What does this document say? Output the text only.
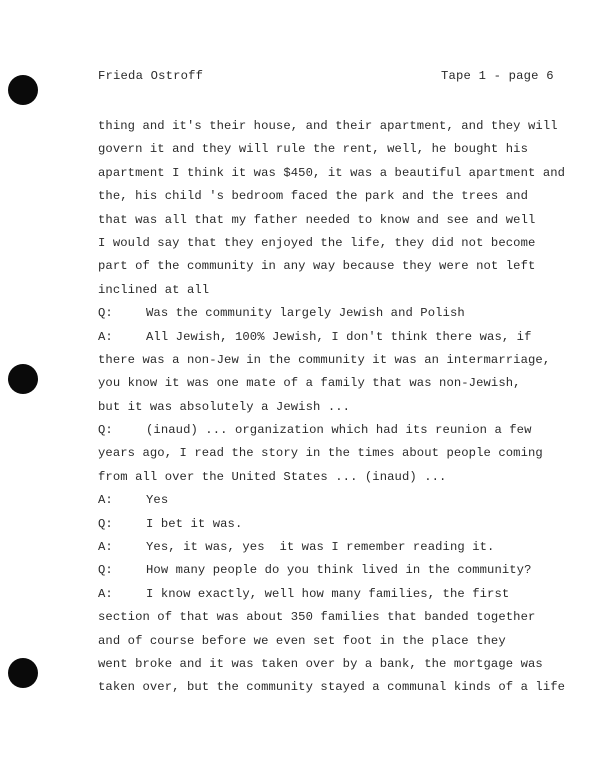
Frieda Ostroff	Tape 1 - page 6
thing and it's their house, and their apartment, and they will
govern it and they will rule the rent, well, he bought his
apartment I think it was $450, it was a beautiful apartment and
the, his child 's bedroom faced the park and the trees and
that was all that my father needed to know and see and well
I would say that they enjoyed the life, they did not become
part of the community in any way because they were not left
inclined at all
Q:	Was the community largely Jewish and Polish
A:	All Jewish, 100% Jewish, I don't think there was, if
there was a non-Jew in the community it was an intermarriage,
you know it was one mate of a family that was non-Jewish,
but it was absolutely a Jewish ...
Q:	(inaud) ... organization which had its reunion a few
years ago, I read the story in the times about people coming
from all over the United States ... (inaud) ...
A:	Yes
Q:	I bet it was.
A:	Yes, it was, yes  it was I remember reading it.
Q:	How many people do you think lived in the community?
A:	I know exactly, well how many families, the first
section of that was about 350 families that banded together
and of course before we even set foot in the place they
went broke and it was taken over by a bank, the mortgage was
taken over, but the community stayed a communal kinds of a life
